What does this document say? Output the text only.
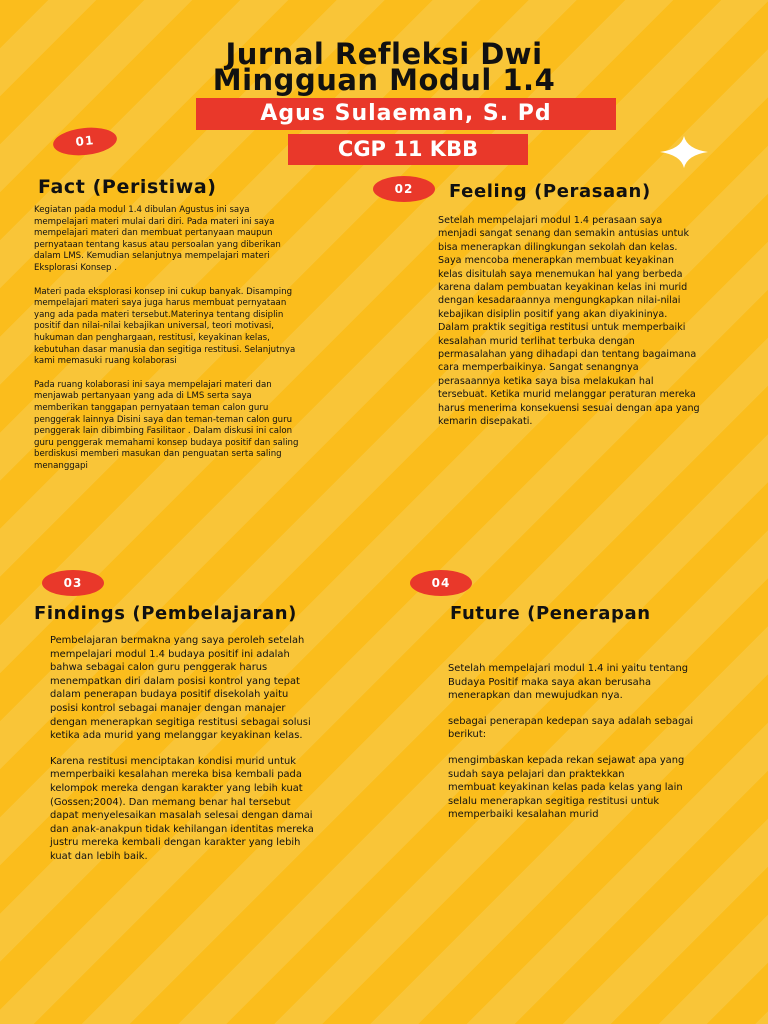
Jurnal Refleksi Dwi
Mingguan Modul 1.4
Agus Sulaeman, S. Pd
CGP 11 KBB
01
Fact (Peristiwa)

Kegiatan pada modul 1.4 dibulan Agustus ini saya mempelajari materi mulai dari diri. Pada materi ini saya mempelajari materi dan membuat pertanyaan maupun pernyataan tentang kasus atau persoalan yang diberikan dalam LMS. Kemudian selanjutnya mempelajari materi Eksplorasi Konsep .

Materi pada eksplorasi konsep ini cukup banyak. Disamping mempelajari materi saya juga harus membuat pernyataan yang ada pada materi tersebut.Materinya tentang disiplin positif dan nilai-nilai kebajikan universal, teori motivasi, hukuman dan penghargaan, restitusi, keyakinan kelas, kebutuhan dasar manusia dan segitiga restitusi. Selanjutnya kami memasuki ruang kolaborasi

Pada ruang kolaborasi ini saya mempelajari materi dan menjawab pertanyaan yang ada di LMS serta saya memberikan tanggapan pernyataan teman calon guru penggerak lainnya Disini saya dan teman-teman calon guru penggerak lain dibimbing Fasilitaor . Dalam diskusi ini calon guru penggerak memahami konsep budaya positif dan saling berdiskusi memberi masukan dan penguatan serta saling menanggapi

02	Feeling (Perasaan)

Setelah mempelajari modul 1.4 perasaan saya menjadi sangat senang dan semakin antusias untuk bisa menerapkan dilingkungan sekolah dan kelas. Saya mencoba menerapkan membuat keyakinan kelas disitulah saya menemukan hal yang berbeda karena dalam pembuatan keyakinan kelas ini murid dengan kesadaraannya mengungkapkan nilai-nilai kebajikan disiplin positif yang akan diyakininya. Dalam praktik segitiga restitusi untuk memperbaiki kesalahan murid terlihat terbuka dengan permasalahan yang dihadapi dan tentang bagaimana cara memperbaikinya. Sangat senangnya perasaannya ketika saya bisa melakukan hal tersebuat. Ketika murid melanggar peraturan mereka harus menerima konsekuensi sesuai dengan apa yang kemarin disepakati.

03
Findings (Pembelajaran)

Pembelajaran bermakna yang saya peroleh setelah mempelajari modul 1.4 budaya positif ini adalah bahwa sebagai calon guru penggerak harus menempatkan diri dalam posisi kontrol yang tepat dalam penerapan budaya positif disekolah yaitu posisi kontrol sebagai manajer dengan manajer dengan menerapkan segitiga restitusi sebagai solusi ketika ada murid yang melanggar keyakinan kelas.

Karena restitusi menciptakan kondisi murid untuk memperbaiki kesalahan mereka bisa kembali pada kelompok mereka dengan karakter yang lebih kuat (Gossen;2004). Dan memang benar hal tersebut dapat menyelesaikan masalah selesai dengan damai dan anak-anakpun tidak kehilangan identitas mereka justru mereka kembali dengan karakter yang lebih kuat dan lebih baik.

04
Future (Penerapan

Setelah mempelajari modul 1.4 ini yaitu tentang Budaya Positif maka saya akan berusaha menerapkan dan mewujudkan nya.

sebagai penerapan kedepan saya adalah sebagai berikut:

mengimbaskan kepada rekan sejawat apa yang sudah saya pelajari dan praktekkan
membuat keyakinan kelas pada kelas yang lain
selalu menerapkan segitiga restitusi untuk memperbaiki kesalahan murid
